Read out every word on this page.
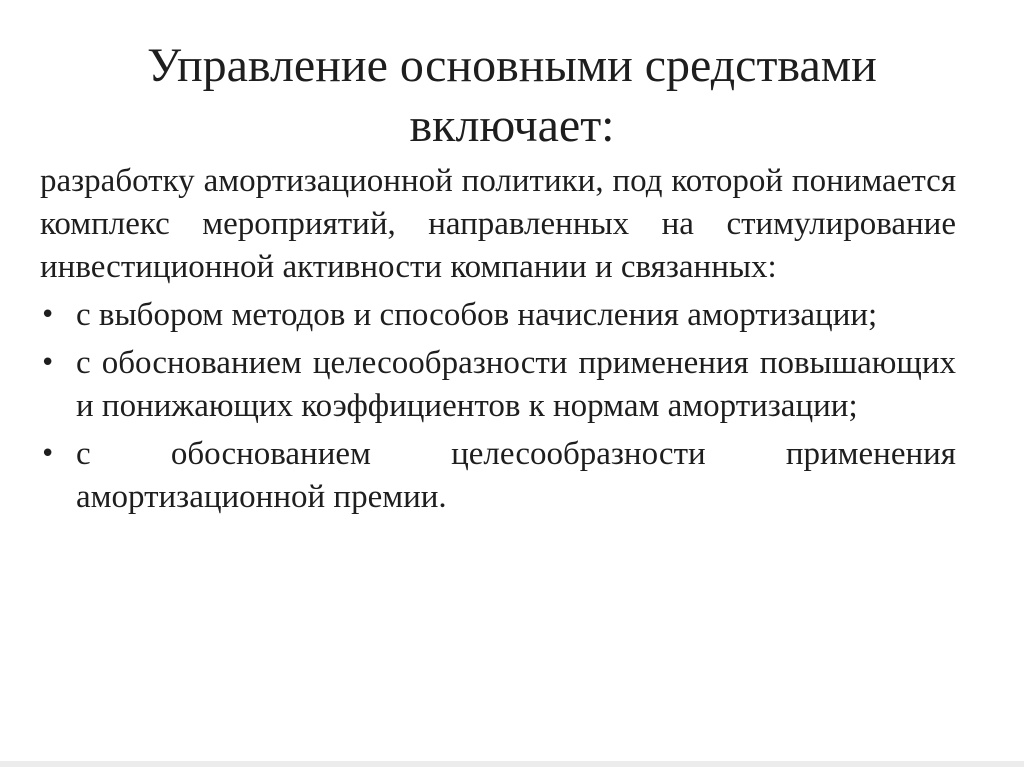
Управление основными средствами включает:

разработку амортизационной политики, под которой понимается комплекс мероприятий, направленных на стимулирование инвестиционной активности компании и связанных:

• с выбором методов и способов начисления амортизации;
• с обоснованием целесообразности применения повышающих и понижающих коэффициентов к нормам амортизации;
• с обоснованием целесообразности применения амортизационной премии.
